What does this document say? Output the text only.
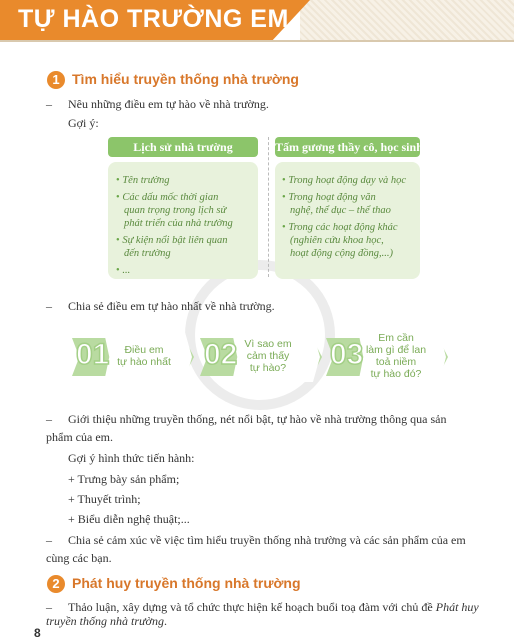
TỰ HÀO TRƯỜNG EM
1 Tìm hiểu truyền thống nhà trường
– Nêu những điều em tự hào về nhà trường.
Gợi ý:
Lịch sử nhà trường
• Tên trường
• Các dấu mốc thời gian
quan trọng trong lịch sử
phát triển của nhà trường
• Sự kiện nổi bật liên quan
đến trường
• ...
Tấm gương thầy cô, học sinh
• Trong hoạt động dạy và học
• Trong hoạt động văn
nghệ, thể dục – thể thao
• Trong các hoạt động khác
(nghiên cứu khoa học,
hoạt động cộng đồng,...)
– Chia sẻ điều em tự hào nhất về nhà trường.
01	Điều em
tự hào nhất	02 Vì sao em
cảm thấy
tự hào?	03	Em cần
làm gì để lan
toả niềm
tự hào đó?
– Giới thiệu những truyền thống, nét nổi bật, tự hào về nhà trường thông qua sản
phẩm của em.
Gợi ý hình thức tiến hành:
+ Trưng bày sản phẩm;
+ Thuyết trình;
+ Biểu diễn nghệ thuật;...
– Chia sẻ cảm xúc về việc tìm hiểu truyền thống nhà trường và các sản phẩm của em
cùng các bạn.
2 Phát huy truyền thống nhà trường
– Thảo luận, xây dựng và tổ chức thực hiện kế hoạch buổi toạ đàm với chủ đề Phát huy
truyền thống nhà trường.
8
